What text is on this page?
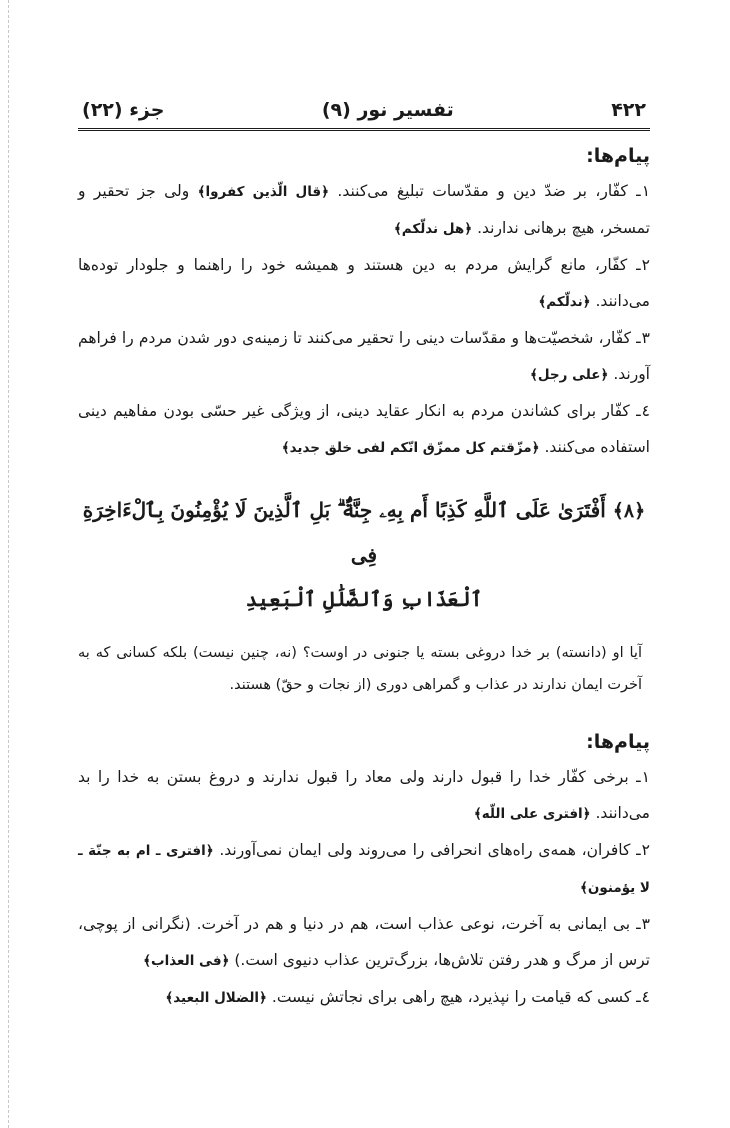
۴۲۲
تفسیر نور (۹)
جزء (۲۲)
پیام‌ها:
۱ـ کفّار، بر ضدّ دین و مقدّسات تبلیغ می‌کنند. ﴿قال الّذین کفروا﴾ ولی جز تحقیر و تمسخر، هیچ برهانی ندارند. ﴿هل ندلّکم﴾
۲ـ کفّار، مانع گرایش مردم به دین هستند و همیشه خود را راهنما و جلودار توده‌ها می‌دانند. ﴿ندلّکم﴾
۳ـ کفّار، شخصیّت‌ها و مقدّسات دینی را تحقیر می‌کنند تا زمینه‌ی دور شدن مردم را فراهم آورند. ﴿علی رجل﴾
٤ـ کفّار برای کشاندن مردم به انکار عقاید دینی، از ویژگی غیر حسّی بودن مفاهیم دینی استفاده می‌کنند. ﴿مزّقتم کل ممزّق انّکم لفی خلق جدید﴾
﴿۸﴾ أَفْتَرَىٰ عَلَى ٱللَّهِ كَذِبًا أَم بِهِۦ جِنَّةٌۢ ۗ بَلِ ٱلَّذِينَ لَا يُؤْمِنُونَ بِٱلْءَاخِرَةِ فِى
ٱلْعَذَابِ وَٱلضَّلَٰلِ ٱلْبَعِيدِ
آیا او (دانسته) بر خدا دروغی بسته یا جنونی در اوست؟ (نه، چنین نیست) بلکه کسانی که به آخرت ایمان ندارند در عذاب و گمراهی دوری (از نجات و حقّ) هستند.
پیام‌ها:
۱ـ برخی کفّار خدا را قبول دارند ولی معاد را قبول ندارند و دروغ بستن به خدا را بد می‌دانند. ﴿افتری علی اللّه﴾
۲ـ کافران، همه‌ی راه‌های انحرافی را می‌روند ولی ایمان نمی‌آورند. ﴿افتری ـ ام به جنّة ـ لا یؤمنون﴾
۳ـ بی ایمانی به آخرت، نوعی عذاب است، هم در دنیا و هم در آخرت. (نگرانی از پوچی، ترس از مرگ و هدر رفتن تلاش‌ها، بزرگ‌ترین عذاب دنیوی است.) ﴿فی العذاب﴾
٤ـ کسی که قیامت را نپذیرد، هیچ راهی برای نجاتش نیست. ﴿الضلال البعید﴾
